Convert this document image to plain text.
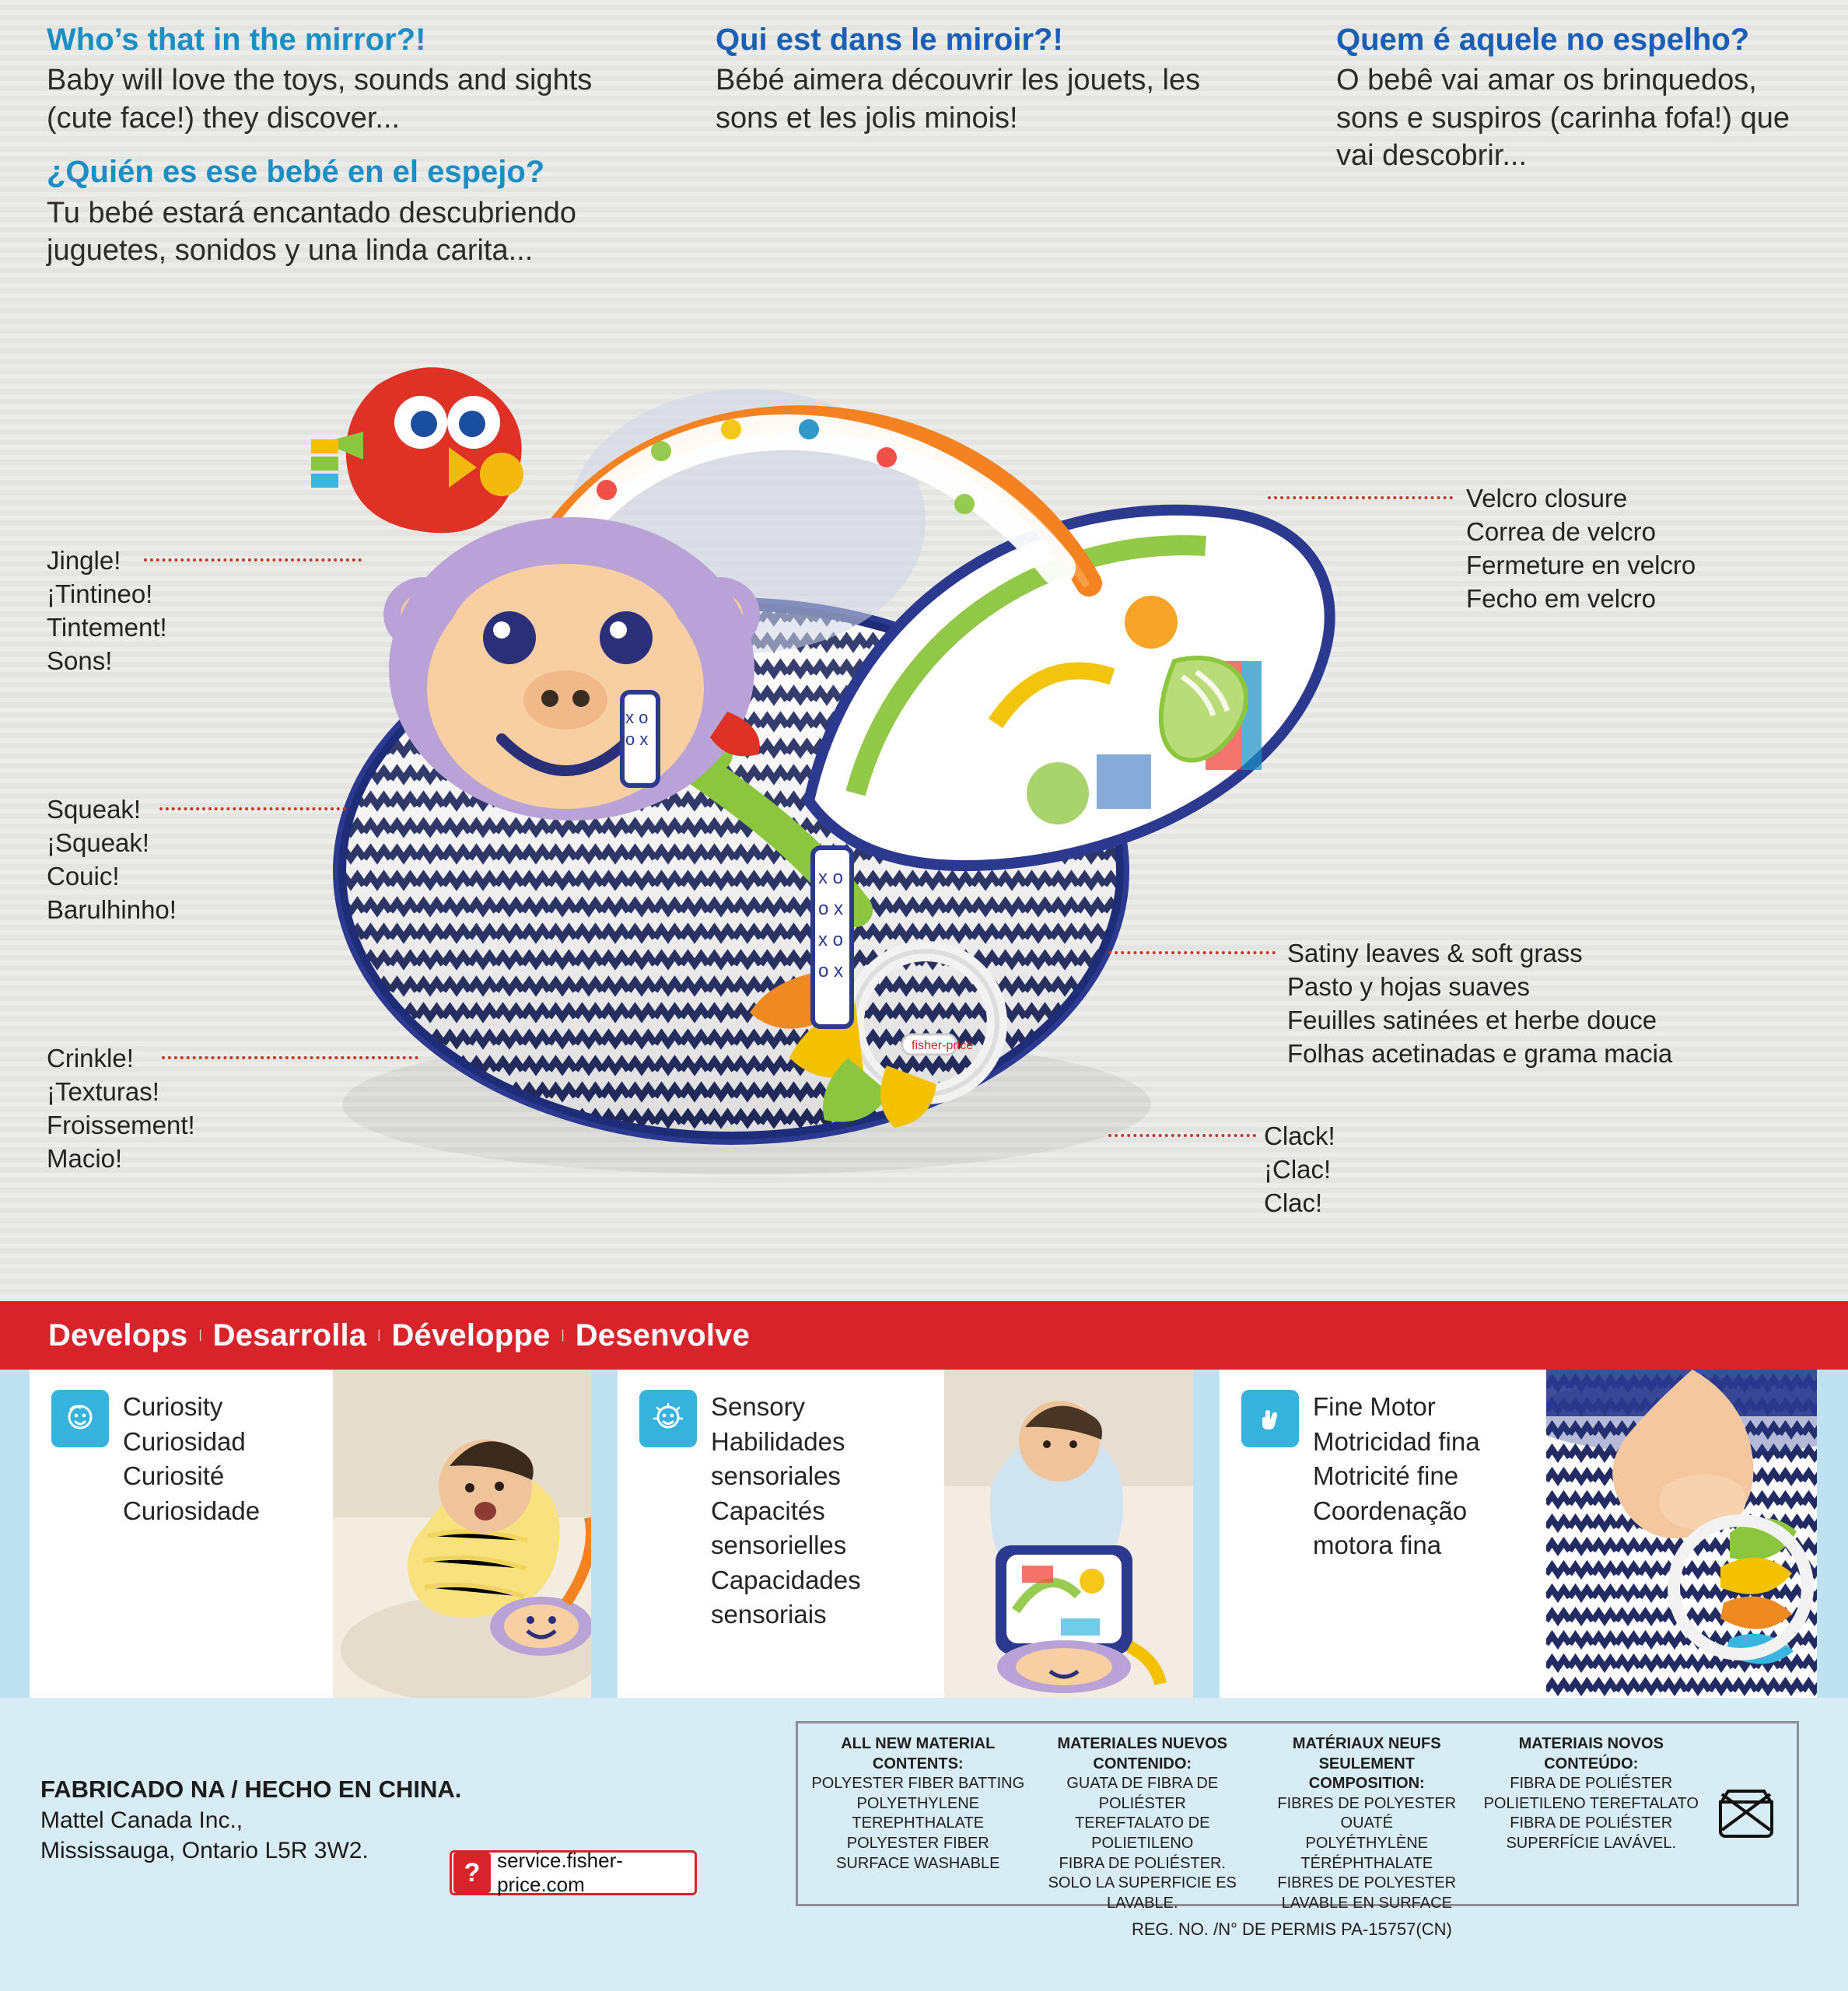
Who’s that in the mirror?!
Baby will love the toys, sounds and sights (cute face!) they discover...
¿Quién es ese bebé en el espejo?
Tu bebé estará encantado descubriendo juguetes, sonidos y una linda carita...
Qui est dans le miroir?!
Bébé aimera découvrir les jouets, les sons et les jolis minois!
Quem é aquele no espelho?
O bebê vai amar os brinquedos, sons e suspiros (carinha fofa!) que vai descobrir...
fisher-price
x o
o x
x o
o x
x o
o x
Jingle!
¡Tintineo!
Tintement!
Sons!
Squeak!
¡Squeak!
Couic!
Barulhinho!
Crinkle!
¡Texturas!
Froissement!
Macio!
Velcro closure
Correa de velcro
Fermeture en velcro
Fecho em velcro
Satiny leaves & soft grass
Pasto y hojas suaves
Feuilles satinées et herbe douce
Folhas acetinadas e grama macia
Clack!
¡Clac!
Clac!
Develops | Desarrolla | Développe | Desenvolve
Curiosity
Curiosidad
Curiosité
Curiosidade
Sensory
Habilidades sensoriales
Capacités sensorielles
Capacidades sensoriais
Fine Motor
Motricidad fina
Motricité fine
Coordenação motora fina
FABRICADO NA / HECHO EN CHINA.
Mattel Canada Inc.,
Mississauga, Ontario L5R 3W2.
? service.fisher-price.com
ALL NEW MATERIAL CONTENTS:
POLYESTER FIBER BATTING
POLYETHYLENE
TEREPHTHALATE
POLYESTER FIBER
SURFACE WASHABLE
MATERIALES NUEVOS CONTENIDO:
GUATA DE FIBRA DE POLIÉSTER
TEREFTALATO DE POLIETILENO
FIBRA DE POLIÉSTER.
SOLO LA SUPERFICIE ES LAVABLE.
MATÉRIAUX NEUFS SEULEMENT COMPOSITION:
FIBRES DE POLYESTER OUATÉ
POLYÉTHYLÈNE
TÉRÉPHTHALATE
FIBRES DE POLYESTER
LAVABLE EN SURFACE
MATERIAIS NOVOS CONTEÚDO:
FIBRA DE POLIÉSTER
POLIETILENO TEREFTALATO
FIBRA DE POLIÉSTER
SUPERFÍCIE LAVÁVEL.
REG. NO. /N° DE PERMIS PA-15757(CN)
